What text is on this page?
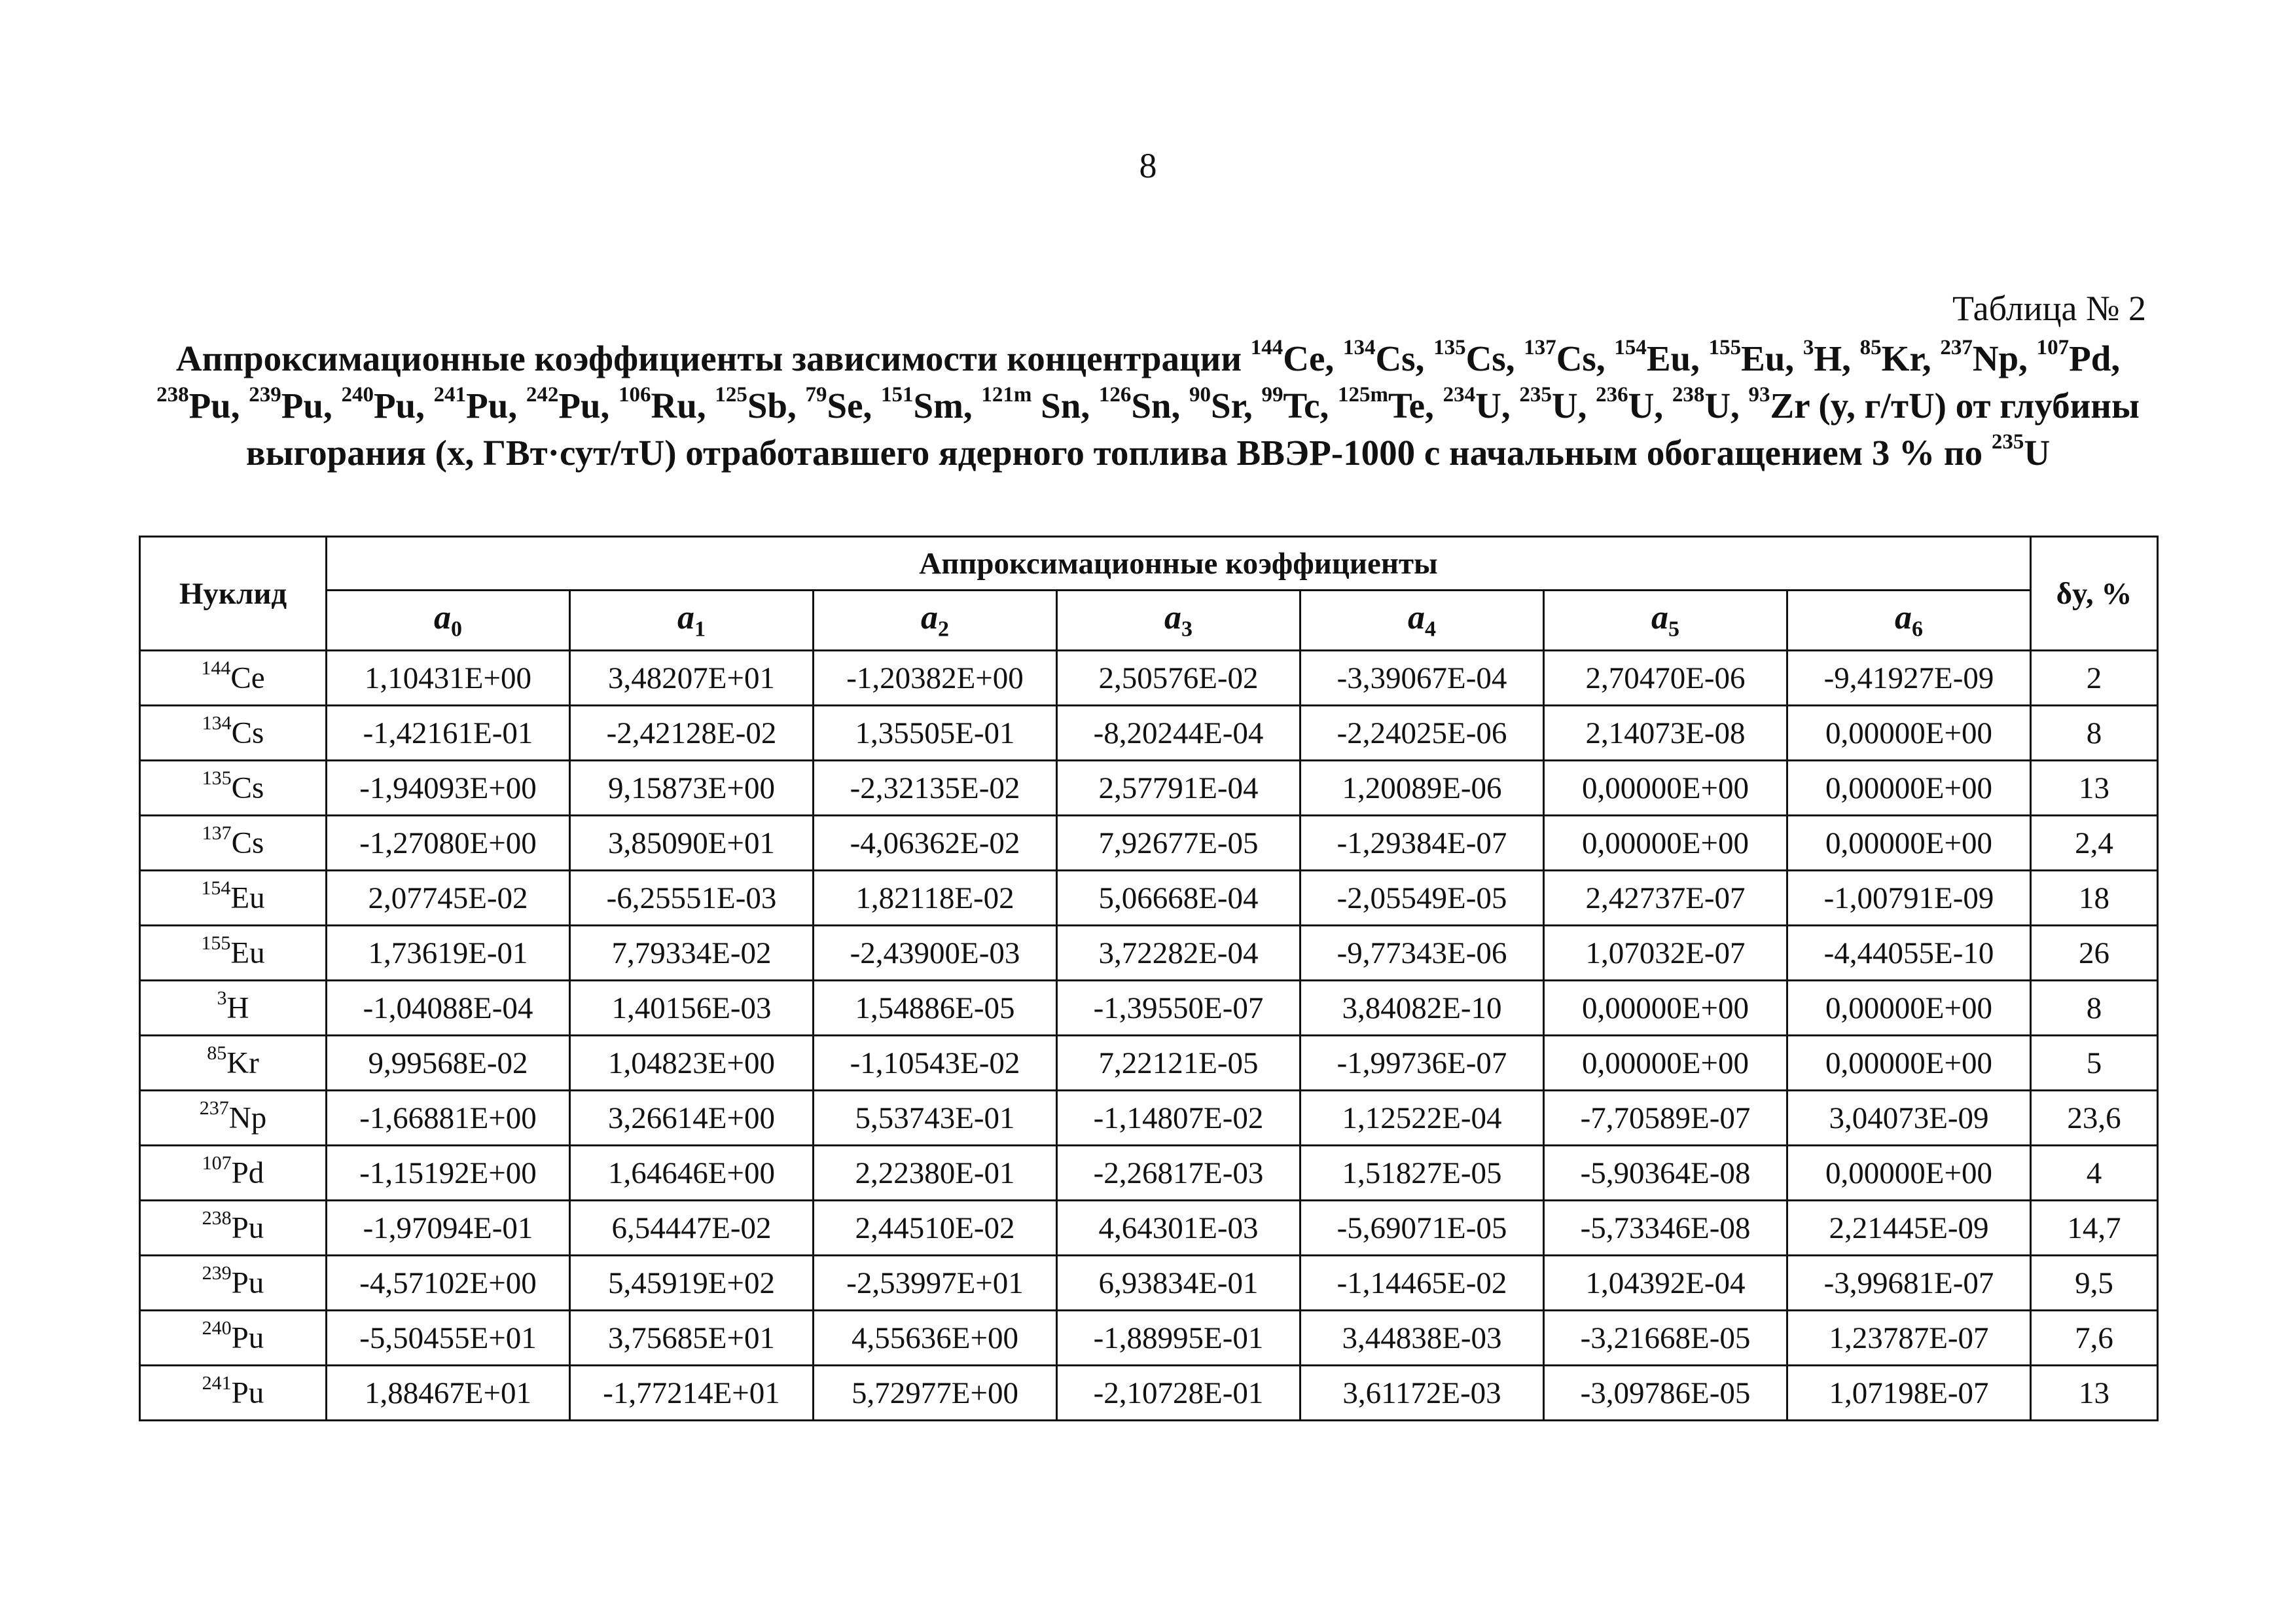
8
Таблица № 2
Аппроксимационные коэффициенты зависимости концентрации $^{144}$Ce, $^{134}$Cs, $^{135}$Cs, $^{137}$Cs, $^{154}$Eu, $^{155}$Eu, $^3$H, $^{85}$Kr, $^{237}$Np, $^{107}$Pd, $^{238}$Pu, $^{239}$Pu, $^{240}$Pu, $^{241}$Pu, $^{242}$Pu, $^{106}$Ru, $^{125}$Sb, $^{79}$Se, $^{151}$Sm, $^{121m}$ Sn, $^{126}$Sn, $^{90}$Sr, $^{99}$Tc, $^{125m}$Te, $^{234}$U, $^{235}$U, $^{236}$U, $^{238}$U, $^{93}$Zr (y, г/тU) от глубины выгорания (x, ГВт·сут/тU) отработавшего ядерного топлива ВВЭР-1000 с начальным обогащением 3 % по $^{235}$U
Нуклид	Аппроксимационные коэффициенты							δy, %
	$a_0$	$a_1$	$a_2$	$a_3$	$a_4$	$a_5$	$a_6$
$^{144}$Ce	1,10431E+00	3,48207E+01	-1,20382E+00	2,50576E-02	-3,39067E-04	2,70470E-06	-9,41927E-09	2
$^{134}$Cs	-1,42161E-01	-2,42128E-02	1,35505E-01	-8,20244E-04	-2,24025E-06	2,14073E-08	0,00000E+00	8
$^{135}$Cs	-1,94093E+00	9,15873E+00	-2,32135E-02	2,57791E-04	1,20089E-06	0,00000E+00	0,00000E+00	13
$^{137}$Cs	-1,27080E+00	3,85090E+01	-4,06362E-02	7,92677E-05	-1,29384E-07	0,00000E+00	0,00000E+00	2,4
$^{154}$Eu	2,07745E-02	-6,25551E-03	1,82118E-02	5,06668E-04	-2,05549E-05	2,42737E-07	-1,00791E-09	18
$^{155}$Eu	1,73619E-01	7,79334E-02	-2,43900E-03	3,72282E-04	-9,77343E-06	1,07032E-07	-4,44055E-10	26
$^3$H	-1,04088E-04	1,40156E-03	1,54886E-05	-1,39550E-07	3,84082E-10	0,00000E+00	0,00000E+00	8
$^{85}$Kr	9,99568E-02	1,04823E+00	-1,10543E-02	7,22121E-05	-1,99736E-07	0,00000E+00	0,00000E+00	5
$^{237}$Np	-1,66881E+00	3,26614E+00	5,53743E-01	-1,14807E-02	1,12522E-04	-7,70589E-07	3,04073E-09	23,6
$^{107}$Pd	-1,15192E+00	1,64646E+00	2,22380E-01	-2,26817E-03	1,51827E-05	-5,90364E-08	0,00000E+00	4
$^{238}$Pu	-1,97094E-01	6,54447E-02	2,44510E-02	4,64301E-03	-5,69071E-05	-5,73346E-08	2,21445E-09	14,7
$^{239}$Pu	-4,57102E+00	5,45919E+02	-2,53997E+01	6,93834E-01	-1,14465E-02	1,04392E-04	-3,99681E-07	9,5
$^{240}$Pu	-5,50455E+01	3,75685E+01	4,55636E+00	-1,88995E-01	3,44838E-03	-3,21668E-05	1,23787E-07	7,6
$^{241}$Pu	1,88467E+01	-1,77214E+01	5,72977E+00	-2,10728E-01	3,61172E-03	-3,09786E-05	1,07198E-07	13
